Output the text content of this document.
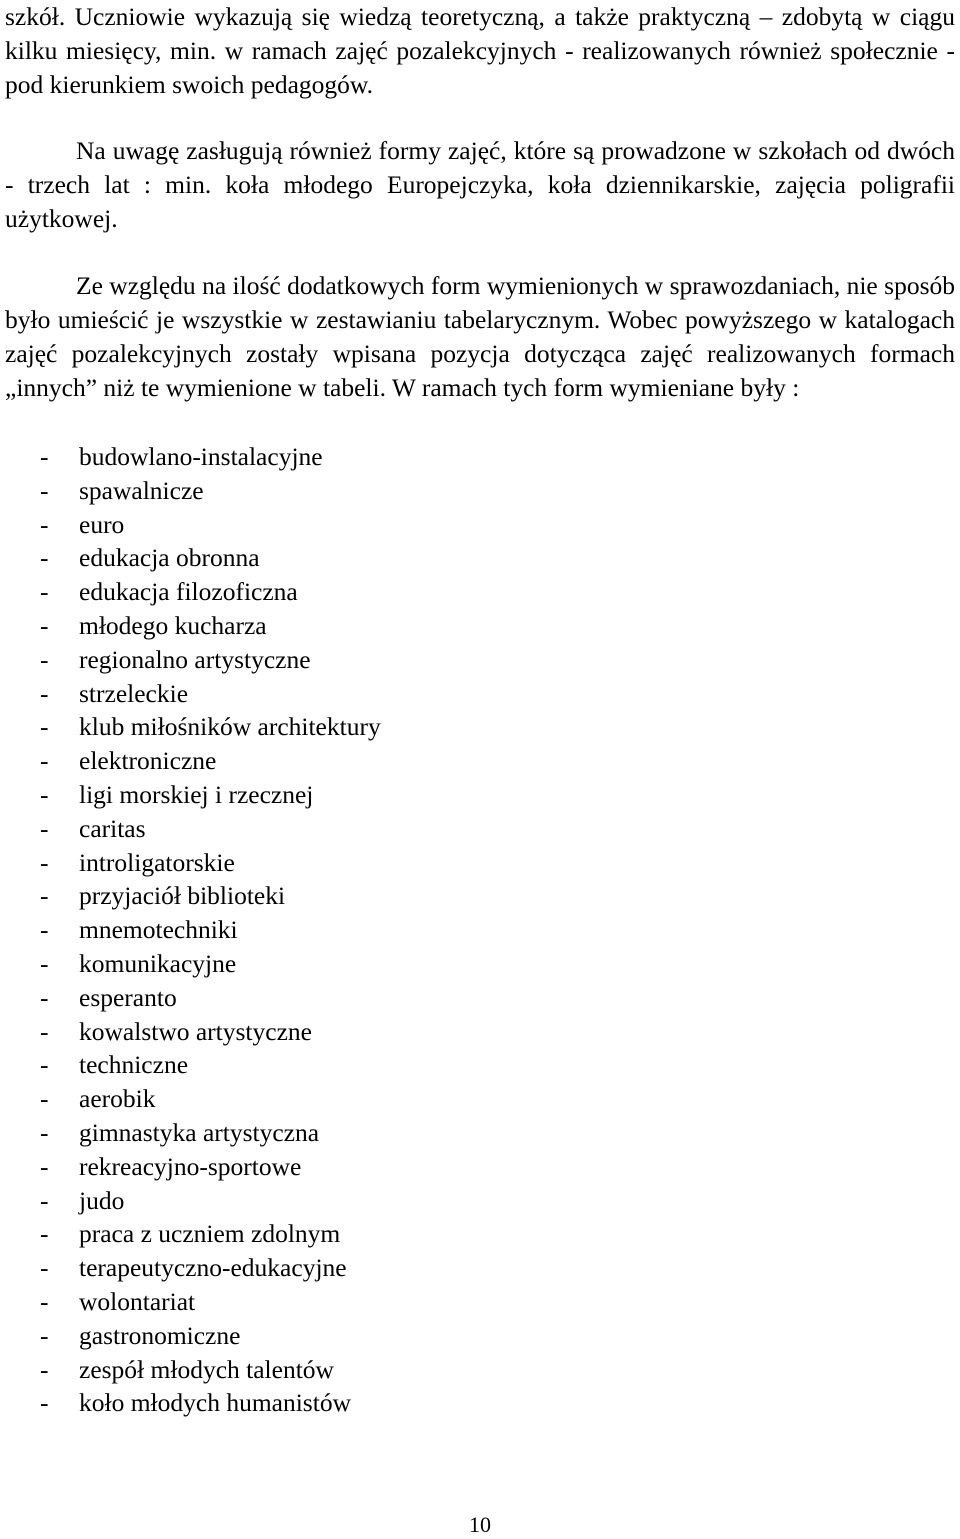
szkół. Uczniowie wykazują się wiedzą teoretyczną, a także praktyczną – zdobytą w ciągu kilku miesięcy, min. w ramach zajęć pozalekcyjnych - realizowanych również społecznie - pod kierunkiem swoich pedagogów.

Na uwagę zasługują również formy zajęć, które są prowadzone w szkołach od dwóch - trzech lat : min. koła młodego Europejczyka, koła dziennikarskie, zajęcia poligrafii użytkowej.

Ze względu na ilość dodatkowych form wymienionych w sprawozdaniach, nie sposób było umieścić je wszystkie w zestawianiu tabelarycznym. Wobec powyższego w katalogach zajęć pozalekcyjnych zostały wpisana pozycja dotycząca zajęć realizowanych formach „innych” niż te wymienione w tabeli. W ramach tych form wymieniane były :

- budowlano-instalacyjne
- spawalnicze
- euro
- edukacja obronna
- edukacja filozoficzna
- młodego kucharza
- regionalno artystyczne
- strzeleckie
- klub miłośników architektury
- elektroniczne
- ligi morskiej i rzecznej
- caritas
- introligatorskie
- przyjaciół biblioteki
- mnemotechniki
- komunikacyjne
- esperanto
- kowalstwo artystyczne
- techniczne
- aerobik
- gimnastyka artystyczna
- rekreacyjno-sportowe
- judo
- praca z uczniem zdolnym
- terapeutyczno-edukacyjne
- wolontariat
- gastronomiczne
- zespół młodych talentów
- koło młodych humanistów
10
